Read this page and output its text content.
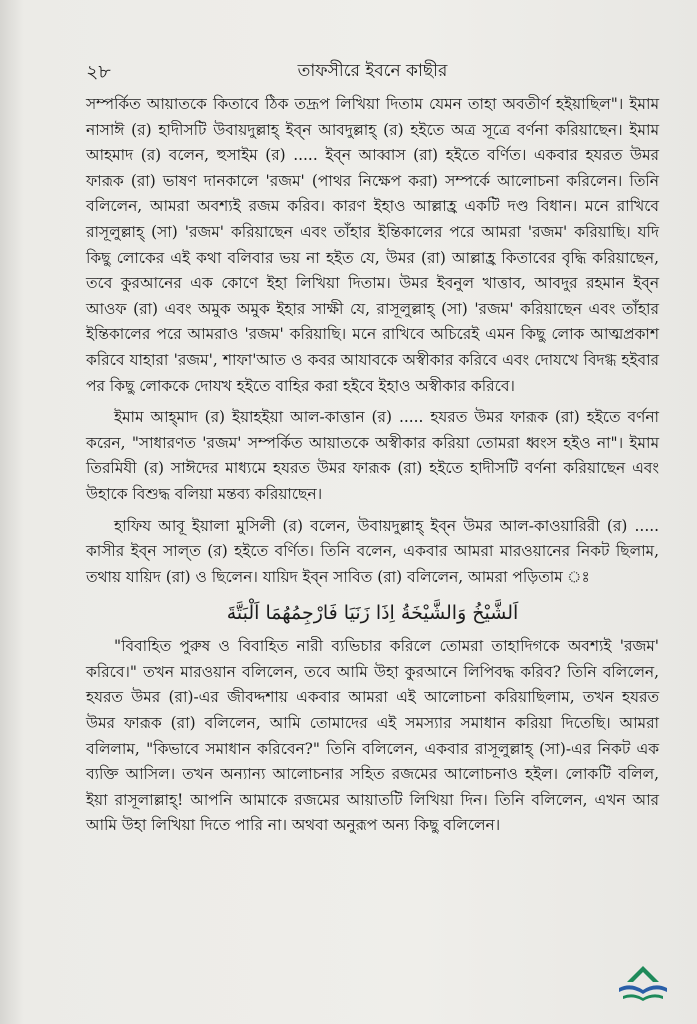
২৮	তাফসীরে ইবনে কাছীর

সম্পর্কিত আয়াতকে কিতাবে ঠিক তদ্রূপ লিখিয়া দিতাম যেমন তাহা অবতীর্ণ হইয়াছিল"। ইমাম নাসাঈ (র) হাদীসটি উবায়দুল্লাহ্ ইব্‌ন আবদুল্লাহ্ (র) হইতে অত্র সূত্রে বর্ণনা করিয়াছেন। ইমাম আহমাদ (র) বলেন, হুসাইম (র) ..... ইব্‌ন আব্বাস (রা) হইতে বর্ণিত। একবার হযরত উমর ফারূক (রা) ভাষণ দানকালে 'রজম' (পাথর নিক্ষেপ করা) সম্পর্কে আলোচনা করিলেন। তিনি বলিলেন, আমরা অবশ্যই রজম করিব। কারণ ইহাও আল্লাহ্র একটি দণ্ড বিধান। মনে রাখিবে রাসূলুল্লাহ্ (সা) 'রজম' করিয়াছেন এবং তাঁহার ইন্তিকালের পরে আমরা 'রজম' করিয়াছি। যদি কিছু লোকের এই কথা বলিবার ভয় না হইত যে, উমর (রা) আল্লাহ্র কিতাবের বৃদ্ধি করিয়াছেন, তবে কুরআনের এক কোণে ইহা লিখিয়া দিতাম। উমর ইবনুল খাত্তাব, আবদুর রহমান ইব্‌ন আওফ (রা) এবং অমুক অমুক ইহার সাক্ষী যে, রাসূলুল্লাহ্ (সা) 'রজম' করিয়াছেন এবং তাঁহার ইন্তিকালের পরে আমরাও 'রজম' করিয়াছি। মনে রাখিবে অচিরেই এমন কিছু লোক আত্মপ্রকাশ করিবে যাহারা 'রজম', শাফা'আত ও কবর আযাবকে অস্বীকার করিবে এবং দোযখে বিদগ্ধ হইবার পর কিছু লোককে দোযখ হইতে বাহির করা হইবে ইহাও অস্বীকার করিবে।

ইমাম আহ্‌মাদ (র) ইয়াহইয়া আল-কাত্তান (র) ..... হযরত উমর ফারূক (রা) হইতে বর্ণনা করেন, "সাধারণত 'রজম' সম্পর্কিত আয়াতকে অস্বীকার করিয়া তোমরা ধ্বংস হইও না"। ইমাম তিরমিযী (র) সাঈদের মাধ্যমে হযরত উমর ফারূক (রা) হইতে হাদীসটি বর্ণনা করিয়াছেন এবং উহাকে বিশুদ্ধ বলিয়া মন্তব্য করিয়াছেন।

হাফিয আবূ ইয়ালা মুসিলী (র) বলেন, উবায়দুল্লাহ্ ইব্‌ন উমর আল-কাওয়ারিরী (র) ..... কাসীর ইব্‌ন সাল্‌ত (র) হইতে বর্ণিত। তিনি বলেন, একবার আমরা মারওয়ানের নিকট ছিলাম, তথায় যায়িদ (রা) ও ছিলেন। যায়িদ ইব্‌ন সাবিত (রা) বলিলেন, আমরা পড়িতাম ঃ

اَلشَّيْخُ وَالشَّيْخَةُ اِذَا زَنَيَا فَارْجِمُهُمَا اَلْبَتَّةَ

"বিবাহিত পুরুষ ও বিবাহিত নারী ব্যভিচার করিলে তোমরা তাহাদিগকে অবশ্যই 'রজম' করিবে।" তখন মারওয়ান বলিলেন, তবে আমি উহা কুরআনে লিপিবদ্ধ করিব? তিনি বলিলেন, হযরত উমর (রা)-এর জীবদ্দশায় একবার আমরা এই আলোচনা করিয়াছিলাম, তখন হযরত উমর ফারূক (রা) বলিলেন, আমি তোমাদের এই সমস্যার সমাধান করিয়া দিতেছি। আমরা বলিলাম, "কিভাবে সমাধান করিবেন?" তিনি বলিলেন, একবার রাসূলুল্লাহ্ (সা)-এর নিকট এক ব্যক্তি আসিল। তখন অন্যান্য আলোচনার সহিত রজমের আলোচনাও হইল। লোকটি বলিল, ইয়া রাসূলাল্লাহ্! আপনি আমাকে রজমের আয়াতটি লিখিয়া দিন। তিনি বলিলেন, এখন আর আমি উহা লিখিয়া দিতে পারি না। অথবা অনুরূপ অন্য কিছু বলিলেন।
